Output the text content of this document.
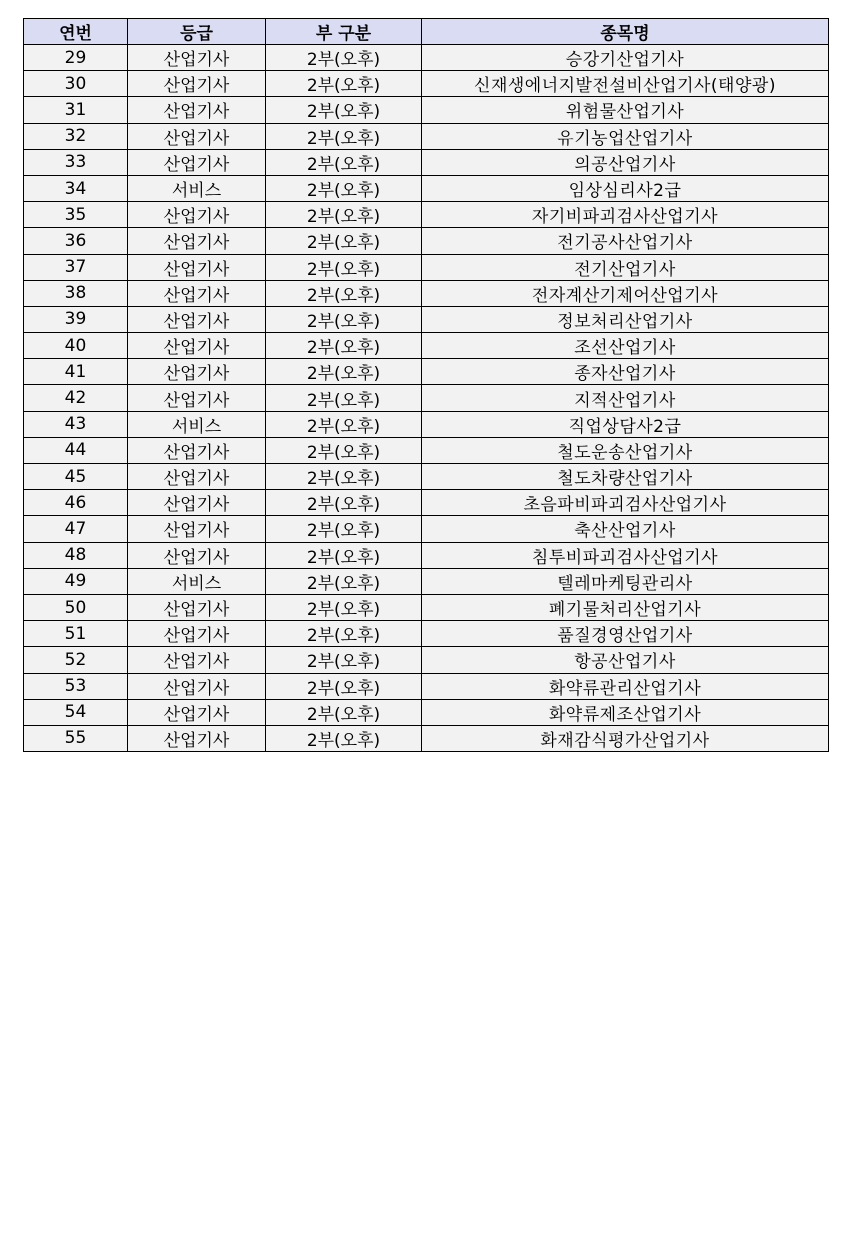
연번	등급	부 구분	종목명
29	산업기사	2부(오후)	승강기산업기사
30	산업기사	2부(오후)	신재생에너지발전설비산업기사(태양광)
31	산업기사	2부(오후)	위험물산업기사
32	산업기사	2부(오후)	유기농업산업기사
33	산업기사	2부(오후)	의공산업기사
34	서비스	2부(오후)	임상심리사2급
35	산업기사	2부(오후)	자기비파괴검사산업기사
36	산업기사	2부(오후)	전기공사산업기사
37	산업기사	2부(오후)	전기산업기사
38	산업기사	2부(오후)	전자계산기제어산업기사
39	산업기사	2부(오후)	정보처리산업기사
40	산업기사	2부(오후)	조선산업기사
41	산업기사	2부(오후)	종자산업기사
42	산업기사	2부(오후)	지적산업기사
43	서비스	2부(오후)	직업상담사2급
44	산업기사	2부(오후)	철도운송산업기사
45	산업기사	2부(오후)	철도차량산업기사
46	산업기사	2부(오후)	초음파비파괴검사산업기사
47	산업기사	2부(오후)	축산산업기사
48	산업기사	2부(오후)	침투비파괴검사산업기사
49	서비스	2부(오후)	텔레마케팅관리사
50	산업기사	2부(오후)	폐기물처리산업기사
51	산업기사	2부(오후)	품질경영산업기사
52	산업기사	2부(오후)	항공산업기사
53	산업기사	2부(오후)	화약류관리산업기사
54	산업기사	2부(오후)	화약류제조산업기사
55	산업기사	2부(오후)	화재감식평가산업기사
